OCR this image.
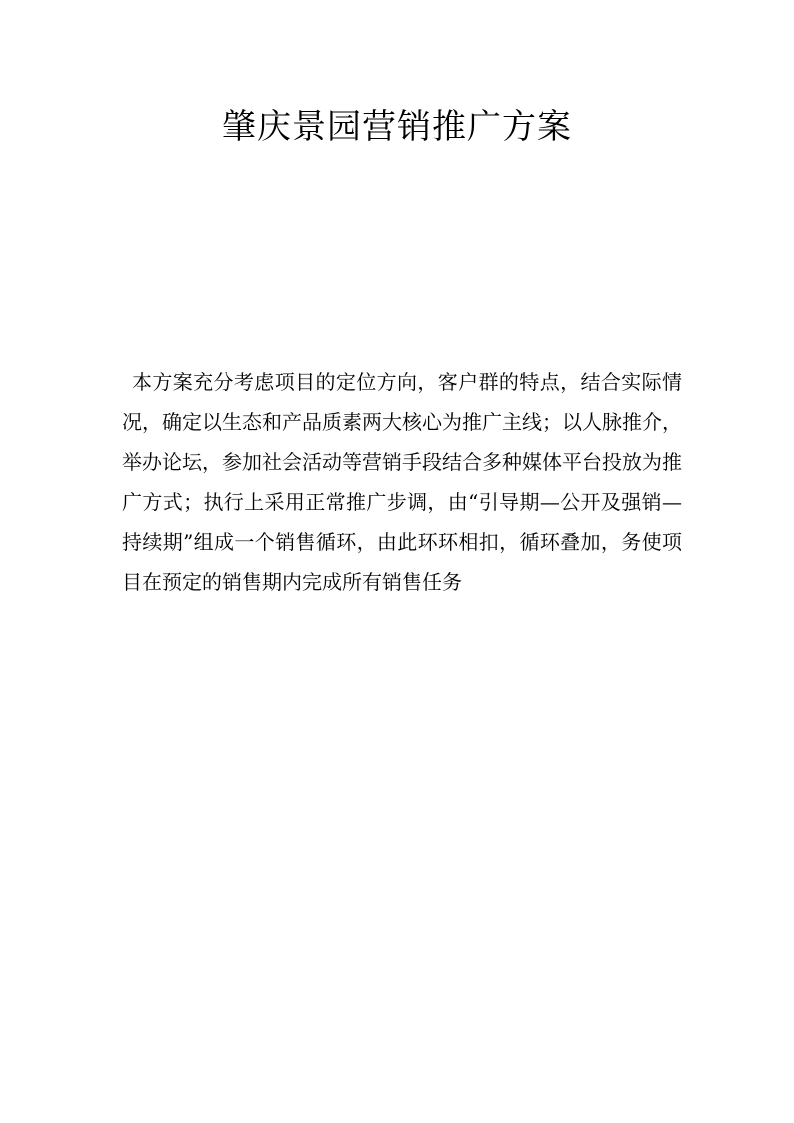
肇庆景园营销推广方案

本方案充分考虑项目的定位方向，客户群的特点，结合实际情况，确定以生态和产品质素两大核心为推广主线；以人脉推介，举办论坛，参加社会活动等营销手段结合多种媒体平台投放为推广方式；执行上采用正常推广步调，由“引导期—公开及强销—持续期”组成一个销售循环，由此环环相扣，循环叠加，务使项目在预定的销售期内完成所有销售任务
